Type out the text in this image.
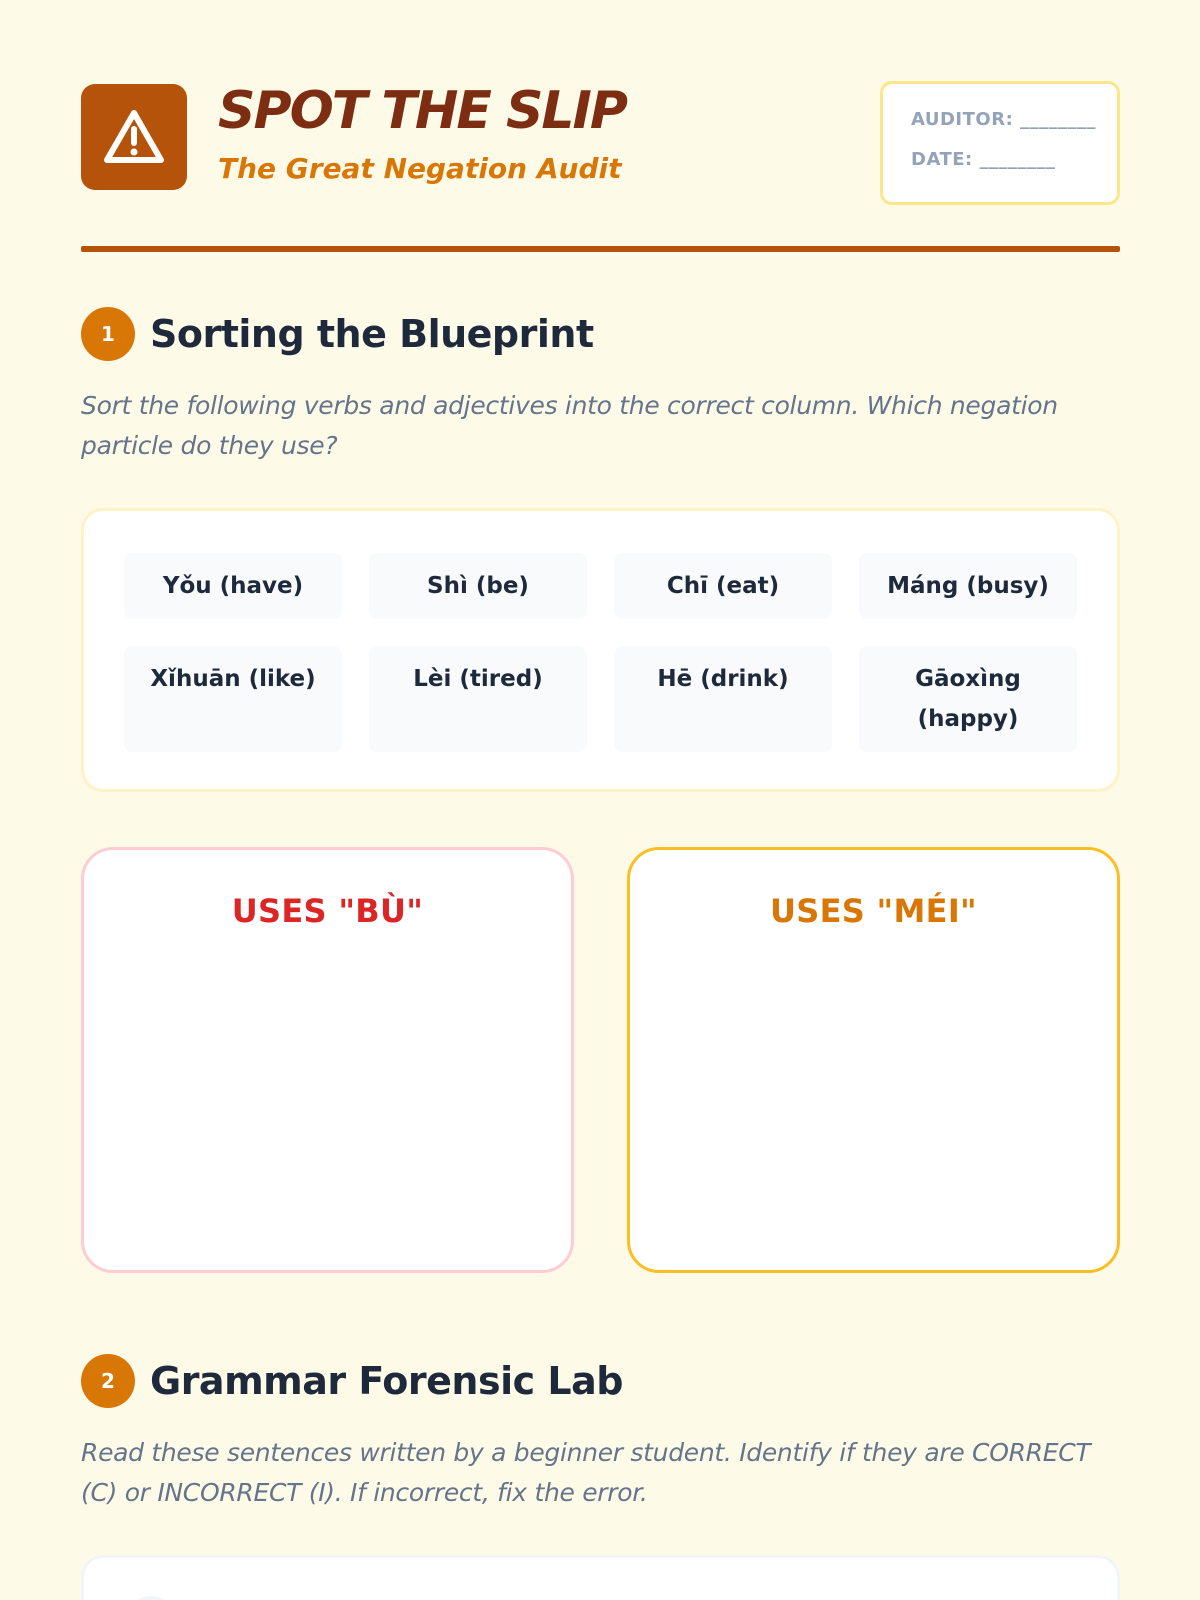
SPOT THE SLIP
The Great Negation Audit
AUDITOR: ________
DATE: ________
1 Sorting the Blueprint
Sort the following verbs and adjectives into the correct column. Which negation particle do they use?
Yǒu (have)	Shì (be)	Chī (eat)	Máng (busy)
Xǐhuān (like)	Lèi (tired)	Hē (drink)	Gāoxìng (happy)
USES "BÙ"	USES "MÉI"
2 Grammar Forensic Lab
Read these sentences written by a beginner student. Identify if they are CORRECT (C) or INCORRECT (I). If incorrect, fix the error.
